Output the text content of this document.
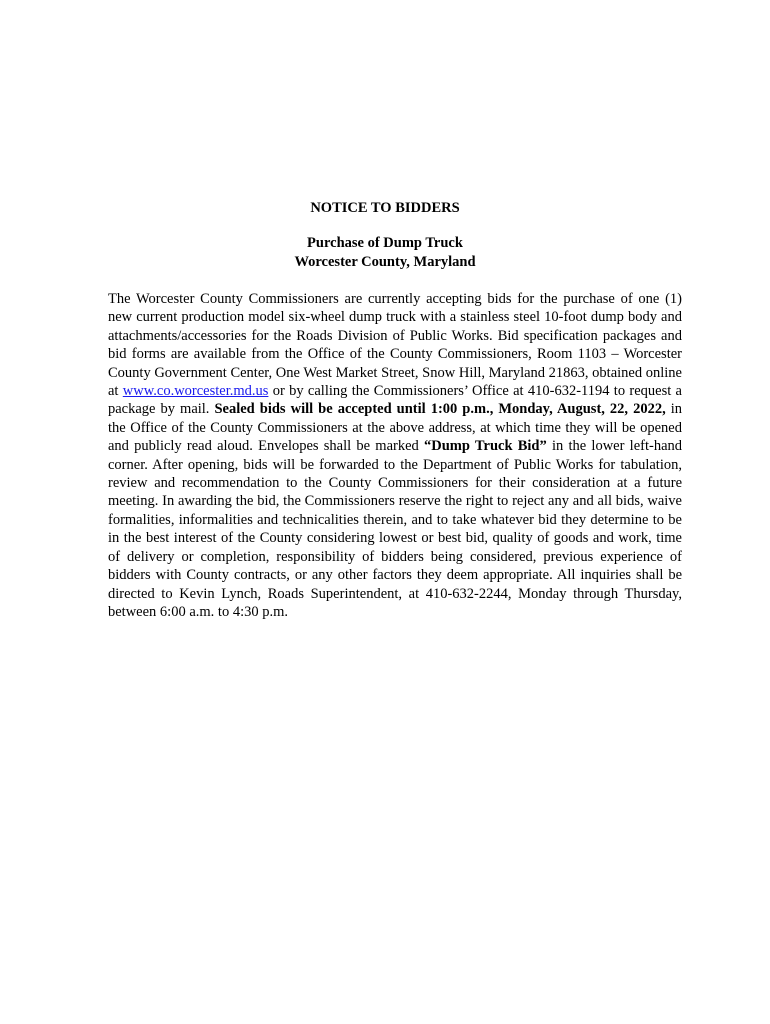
NOTICE TO BIDDERS

Purchase of Dump Truck

Worcester County, Maryland

The Worcester County Commissioners are currently accepting bids for the purchase of one (1) new current production model six-wheel dump truck with a stainless steel 10-foot dump body and attachments/accessories for the Roads Division of Public Works. Bid specification packages and bid forms are available from the Office of the County Commissioners, Room 1103 – Worcester County Government Center, One West Market Street, Snow Hill, Maryland 21863, obtained online at www.co.worcester.md.us or by calling the Commissioners’ Office at 410-632-1194 to request a package by mail. Sealed bids will be accepted until 1:00 p.m., Monday, August, 22, 2022, in the Office of the County Commissioners at the above address, at which time they will be opened and publicly read aloud. Envelopes shall be marked “Dump Truck Bid” in the lower left-hand corner. After opening, bids will be forwarded to the Department of Public Works for tabulation, review and recommendation to the County Commissioners for their consideration at a future meeting. In awarding the bid, the Commissioners reserve the right to reject any and all bids, waive formalities, informalities and technicalities therein, and to take whatever bid they determine to be in the best interest of the County considering lowest or best bid, quality of goods and work, time of delivery or completion, responsibility of bidders being considered, previous experience of bidders with County contracts, or any other factors they deem appropriate. All inquiries shall be directed to Kevin Lynch, Roads Superintendent, at 410-632-2244, Monday through Thursday, between 6:00 a.m. to 4:30 p.m.
